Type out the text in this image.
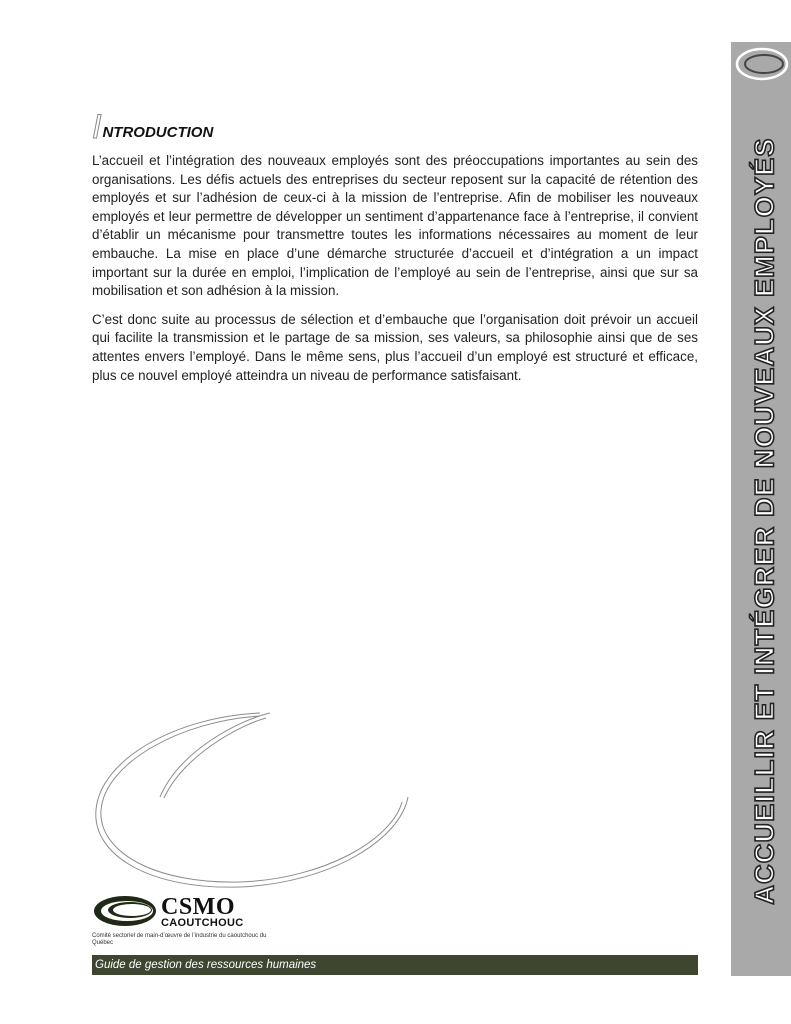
I NTRODUCTION

L’accueil et l’intégration des nouveaux employés sont des préoccupations importantes au sein des organisations. Les défis actuels des entreprises du secteur reposent sur la capacité de rétention des employés et sur l’adhésion de ceux-ci à la mission de l’entreprise. Afin de mobiliser les nouveaux employés et leur permettre de développer un sentiment d’appartenance face à l’entreprise, il convient d’établir un mécanisme pour transmettre toutes les informations nécessaires au moment de leur embauche. La mise en place d’une démarche structurée d’accueil et d’intégration a un impact important sur la durée en emploi, l’implication de l’employé au sein de l’entreprise, ainsi que sur sa mobilisation et son adhésion à la mission.

C’est donc suite au processus de sélection et d’embauche que l’organisation doit prévoir un accueil qui facilite la transmission et le partage de sa mission, ses valeurs, sa philosophie ainsi que de ses attentes envers l’employé. Dans le même sens, plus l’accueil d’un employé est structuré et efficace, plus ce nouvel employé atteindra un niveau de performance satisfaisant.

CSMO
CAOUTCHOUC
Comité sectoriel de main-d’œuvre de l’industrie du caoutchouc du Québec
Guide de gestion des ressources humaines
ACCUEILLIR ET INTÉGRER DE NOUVEAUX EMPLOYÉS
